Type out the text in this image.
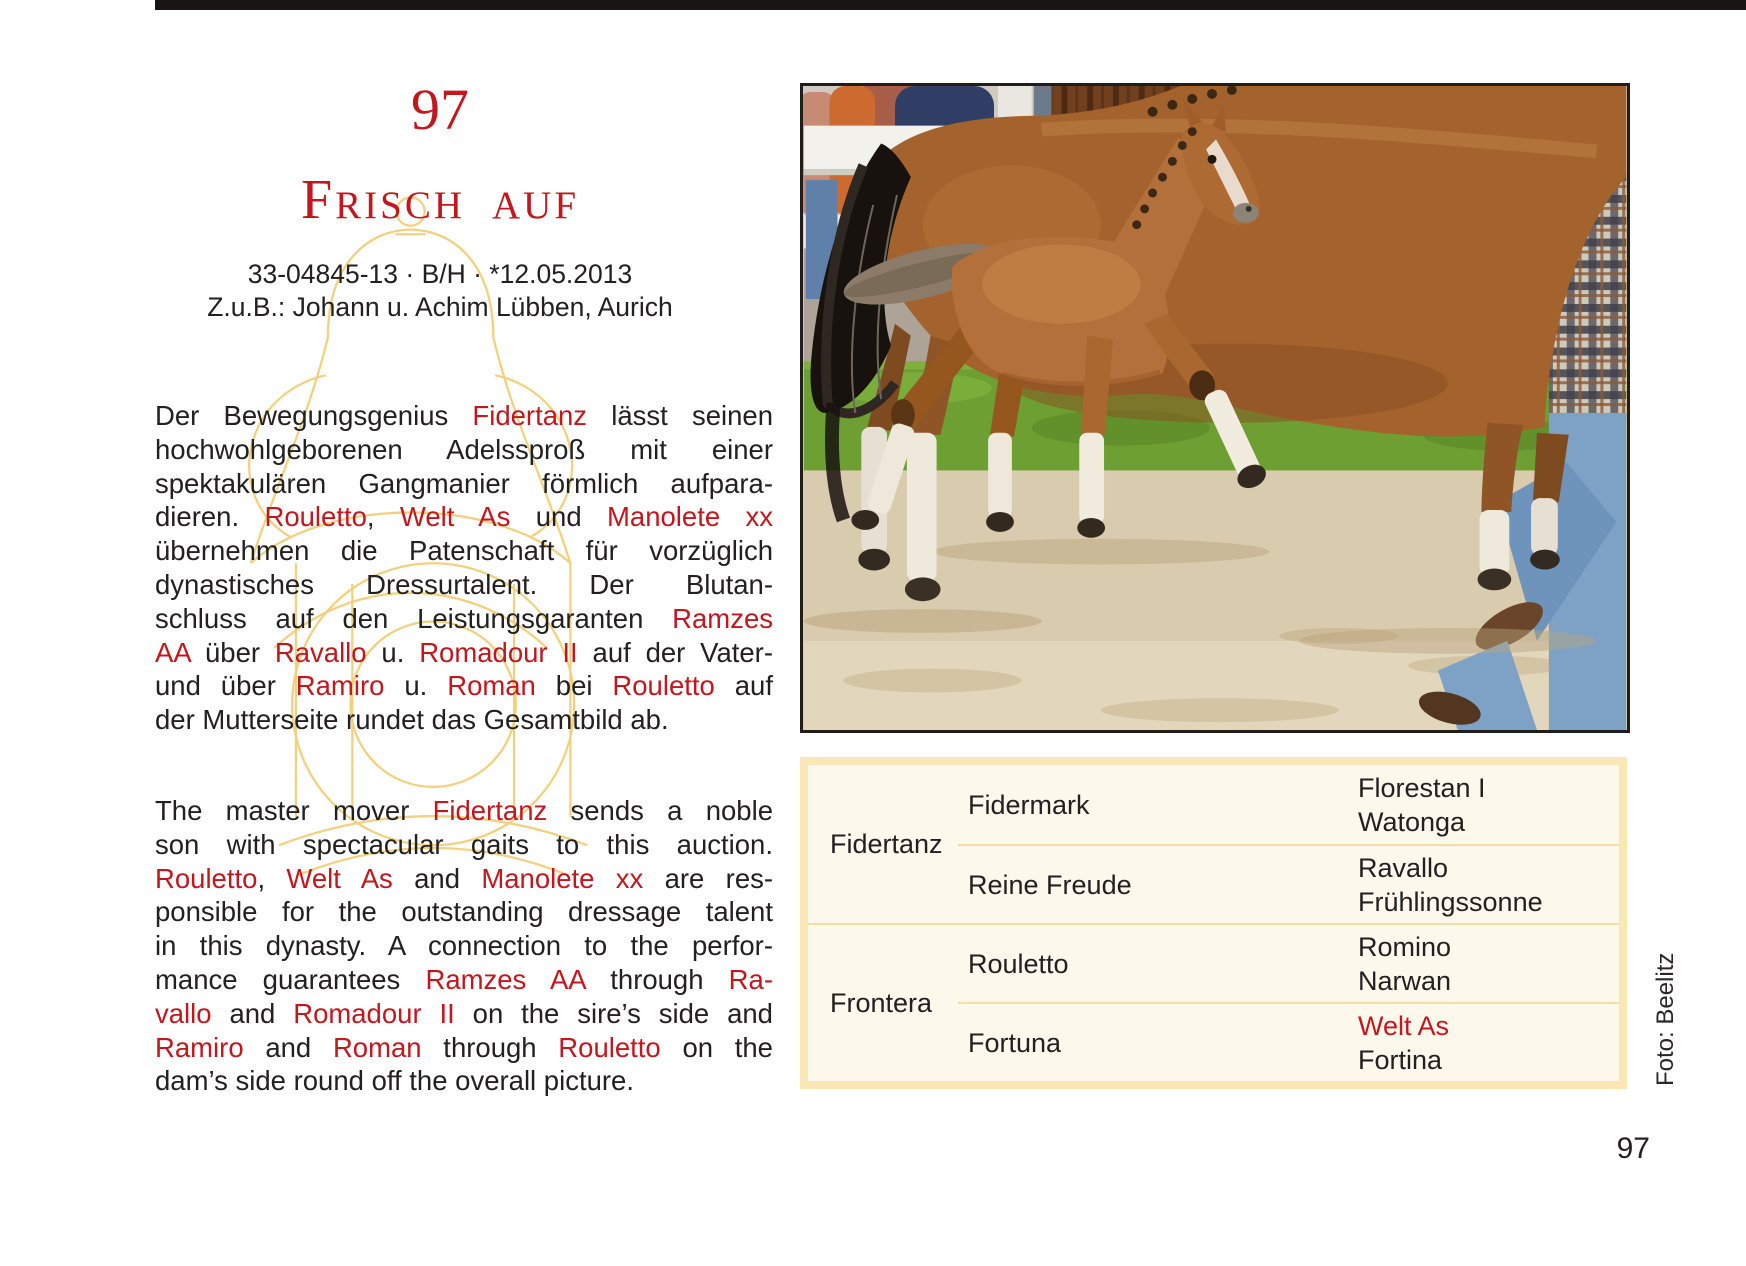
97
Frisch auf
33-04845-13 · B/H · *12.05.2013
Z.u.B.: Johann u. Achim Lübben, Aurich
Der Bewegungsgenius Fidertanz lässt seinen
hochwohlgeborenen Adelssproß mit einer
spektakulären Gangmanier förmlich aufpara-
dieren. Rouletto, Welt As und Manolete xx
übernehmen die Patenschaft für vorzüglich
dynastisches Dressurtalent. Der Blutan-
schluss auf den Leistungsgaranten Ramzes
AA über Ravallo u. Romadour II auf der Vater-
und über Ramiro u. Roman bei Rouletto auf
der Mutterseite rundet das Gesamtbild ab.
The master mover Fidertanz sends a noble
son with spectacular gaits to this auction.
Rouletto, Welt As and Manolete xx are res-
ponsible for the outstanding dressage talent
in this dynasty. A connection to the perfor-
mance guarantees Ramzes AA through Ra-
vallo and Romadour II on the sire’s side and
Ramiro and Roman through Rouletto on the
dam’s side round off the overall picture.
Fidertanz
Fidermark
Florestan I
Watonga
Reine Freude
Ravallo
Frühlingssonne
Frontera
Rouletto
Romino
Narwan
Fortuna
Welt As
Fortina	Foto: Beelitz
97
